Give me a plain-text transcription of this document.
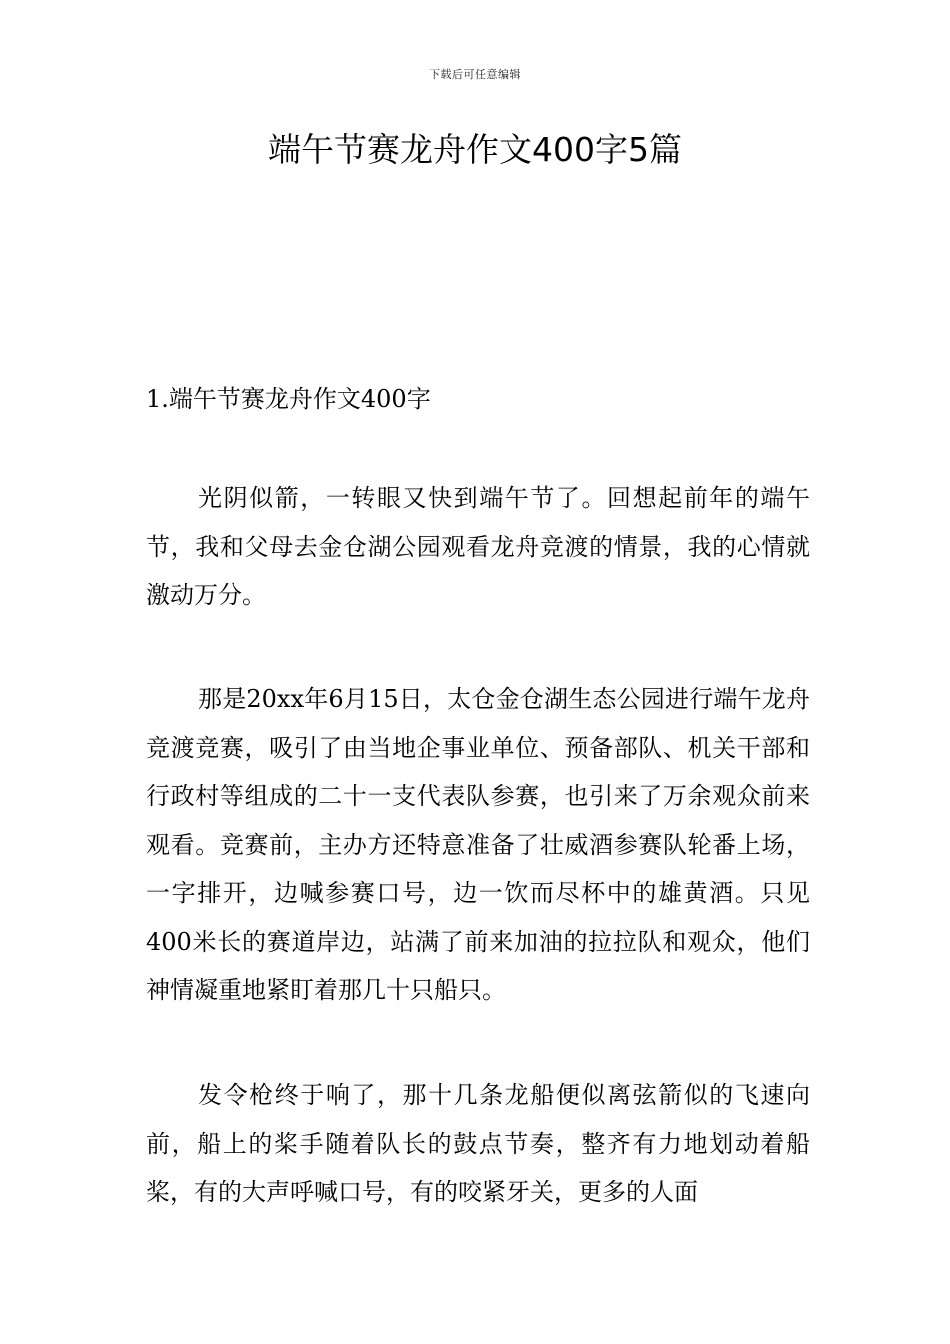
下载后可任意编辑
端午节赛龙舟作文400字5篇
1.端午节赛龙舟作文400字

光阴似箭，一转眼又快到端午节了。回想起前年的端午节，我和父母去金仓湖公园观看龙舟竞渡的情景，我的心情就激动万分。

那是20xx年6月15日，太仓金仓湖生态公园进行端午龙舟竞渡竞赛，吸引了由当地企事业单位、预备部队、机关干部和行政村等组成的二十一支代表队参赛，也引来了万余观众前来观看。竞赛前，主办方还特意准备了壮威酒参赛队轮番上场，一字排开，边喊参赛口号，边一饮而尽杯中的雄黄酒。只见400米长的赛道岸边，站满了前来加油的拉拉队和观众，他们神情凝重地紧盯着那几十只船只。

发令枪终于响了，那十几条龙船便似离弦箭似的飞速向前，船上的桨手随着队长的鼓点节奏，整齐有力地划动着船桨，有的大声呼喊口号，有的咬紧牙关，更多的人面
